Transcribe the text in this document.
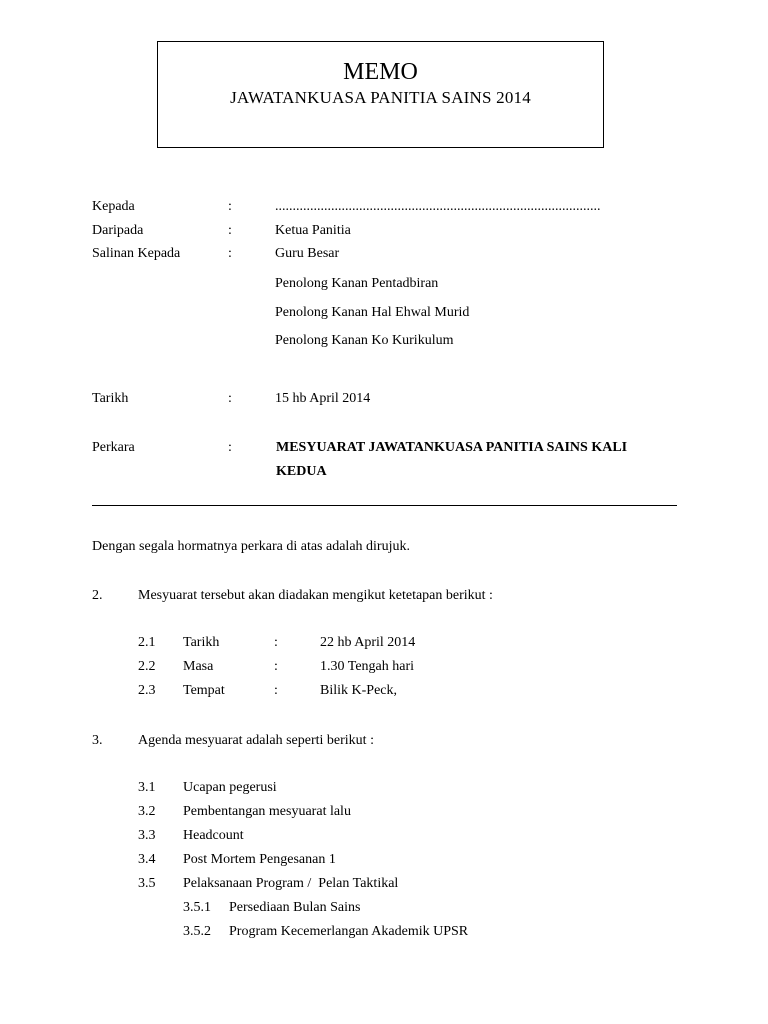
MEMO
JAWATANKUASA PANITIA SAINS 2014
Kepada	:	.............................................................................................
Daripada	:	Ketua Panitia
Salinan Kepada	:	Guru Besar
Penolong Kanan Pentadbiran
Penolong Kanan Hal Ehwal Murid
Penolong Kanan Ko Kurikulum
Tarikh	:	15 hb April 2014
Perkara	:	MESYUARAT JAWATANKUASA PANITIA SAINS KALI
KEDUA
Dengan segala hormatnya perkara di atas adalah dirujuk.
2.	Mesyuarat tersebut akan diadakan mengikut ketetapan berikut :
2.1 Tarikh	:	22 hb April 2014
2.2 Masa	:	1.30 Tengah hari
2.3 Tempat	:	Bilik K-Peck,
3.	Agenda mesyuarat adalah seperti berikut :
3.1 Ucapan pegerusi
3.2 Pembentangan mesyuarat lalu
3.3 Headcount
3.4 Post Mortem Pengesanan 1
3.5 Pelaksanaan Program /  Pelan Taktikal
3.5.1 Persediaan Bulan Sains
3.5.2 Program Kecemerlangan Akademik UPSR
